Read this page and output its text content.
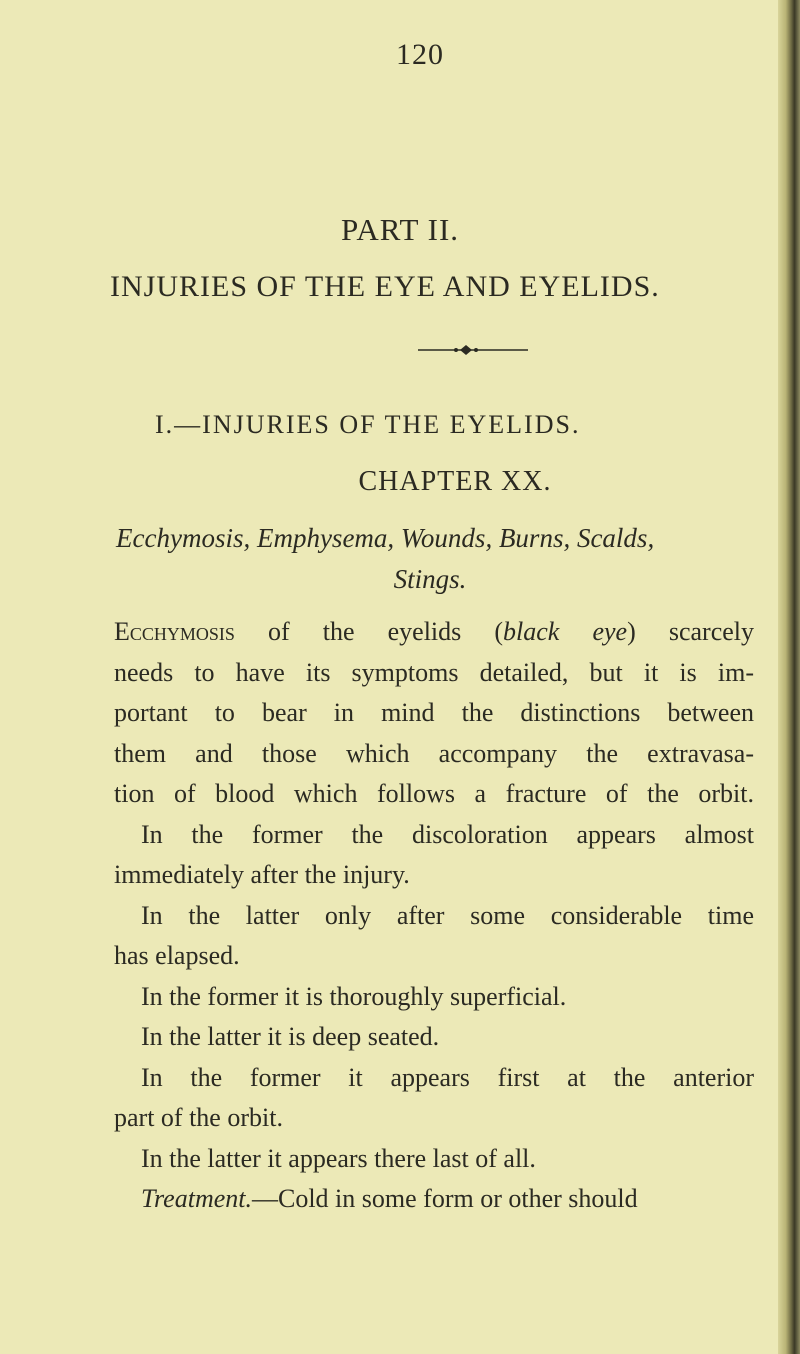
120
PART II.
INJURIES OF THE EYE AND EYELIDS.
I.—INJURIES OF THE EYELIDS.
CHAPTER XX.
Ecchymosis, Emphysema, Wounds, Burns, Scalds,
Stings.
Ecchymosis of the eyelids (black eye) scarcely
needs to have its symptoms detailed, but it is im-
portant to bear in mind the distinctions between
them and those which accompany the extravasa-
tion of blood which follows a fracture of the orbit.
In the former the discoloration appears almost
immediately after the injury.
In the latter only after some considerable time
has elapsed.
In the former it is thoroughly superficial.
In the latter it is deep seated.
In the former it appears first at the anterior
part of the orbit.
In the latter it appears there last of all.
Treatment.—Cold in some form or other should
